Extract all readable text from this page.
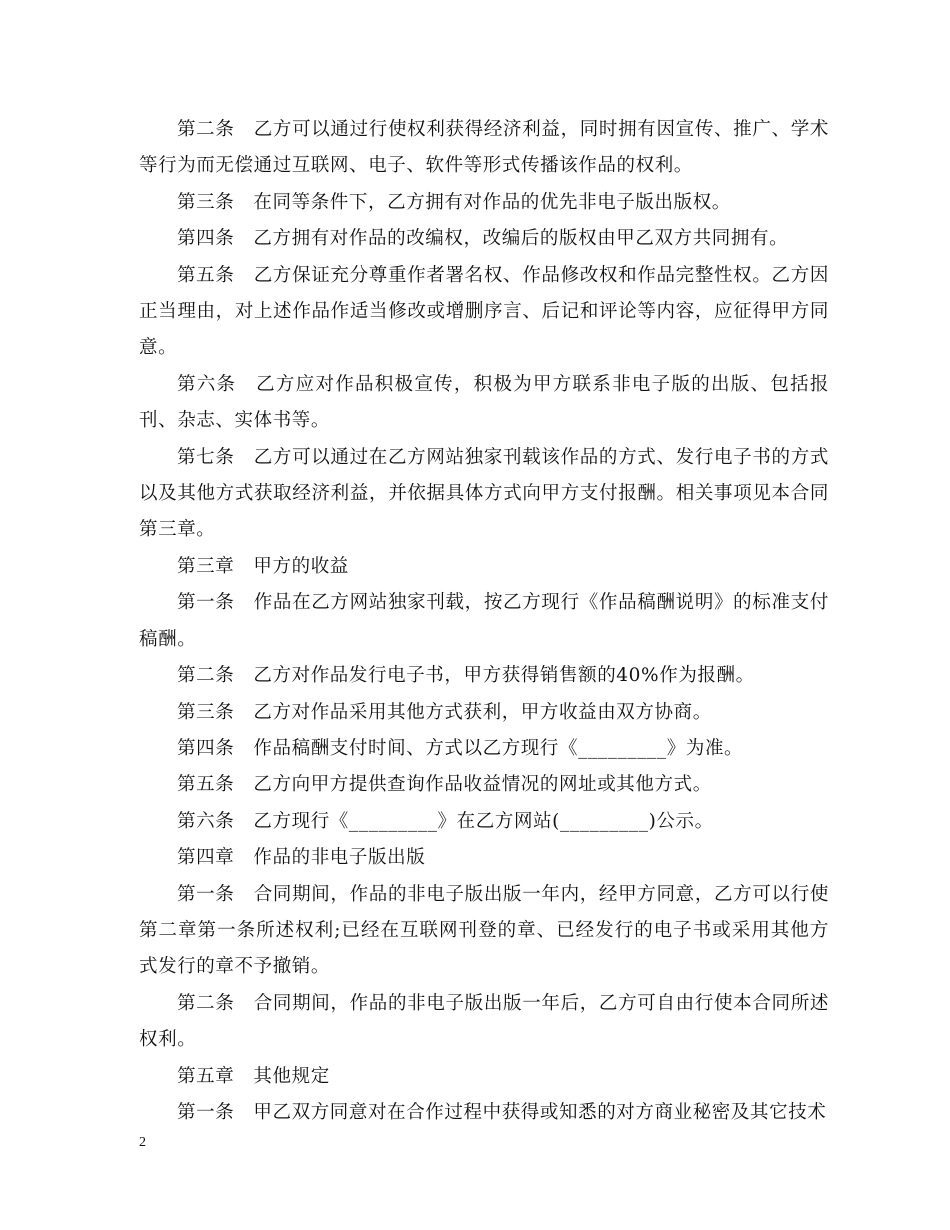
第二条　乙方可以通过行使权利获得经济利益，同时拥有因宣传、推广、学术等行为而无偿通过互联网、电子、软件等形式传播该作品的权利。

第三条　在同等条件下，乙方拥有对作品的优先非电子版出版权。

第四条　乙方拥有对作品的改编权，改编后的版权由甲乙双方共同拥有。

第五条　乙方保证充分尊重作者署名权、作品修改权和作品完整性权。乙方因正当理由，对上述作品作适当修改或增删序言、后记和评论等内容，应征得甲方同意。

第六条　乙方应对作品积极宣传，积极为甲方联系非电子版的出版、包括报刊、杂志、实体书等。

第七条　乙方可以通过在乙方网站独家刊载该作品的方式、发行电子书的方式以及其他方式获取经济利益，并依据具体方式向甲方支付报酬。相关事项见本合同第三章。

第三章　甲方的收益

第一条　作品在乙方网站独家刊载，按乙方现行《作品稿酬说明》的标准支付稿酬。

第二条　乙方对作品发行电子书，甲方获得销售额的40%作为报酬。

第三条　乙方对作品采用其他方式获利，甲方收益由双方协商。

第四条　作品稿酬支付时间、方式以乙方现行《_________》为准。

第五条　乙方向甲方提供查询作品收益情况的网址或其他方式。

第六条　乙方现行《_________》在乙方网站(_________)公示。

第四章　作品的非电子版出版

第一条　合同期间，作品的非电子版出版一年内，经甲方同意，乙方可以行使第二章第一条所述权利;已经在互联网刊登的章、已经发行的电子书或采用其他方式发行的章不予撤销。

第二条　合同期间，作品的非电子版出版一年后，乙方可自由行使本合同所述权利。

第五章　其他规定

第一条　甲乙双方同意对在合作过程中获得或知悉的对方商业秘密及其它技术

2
